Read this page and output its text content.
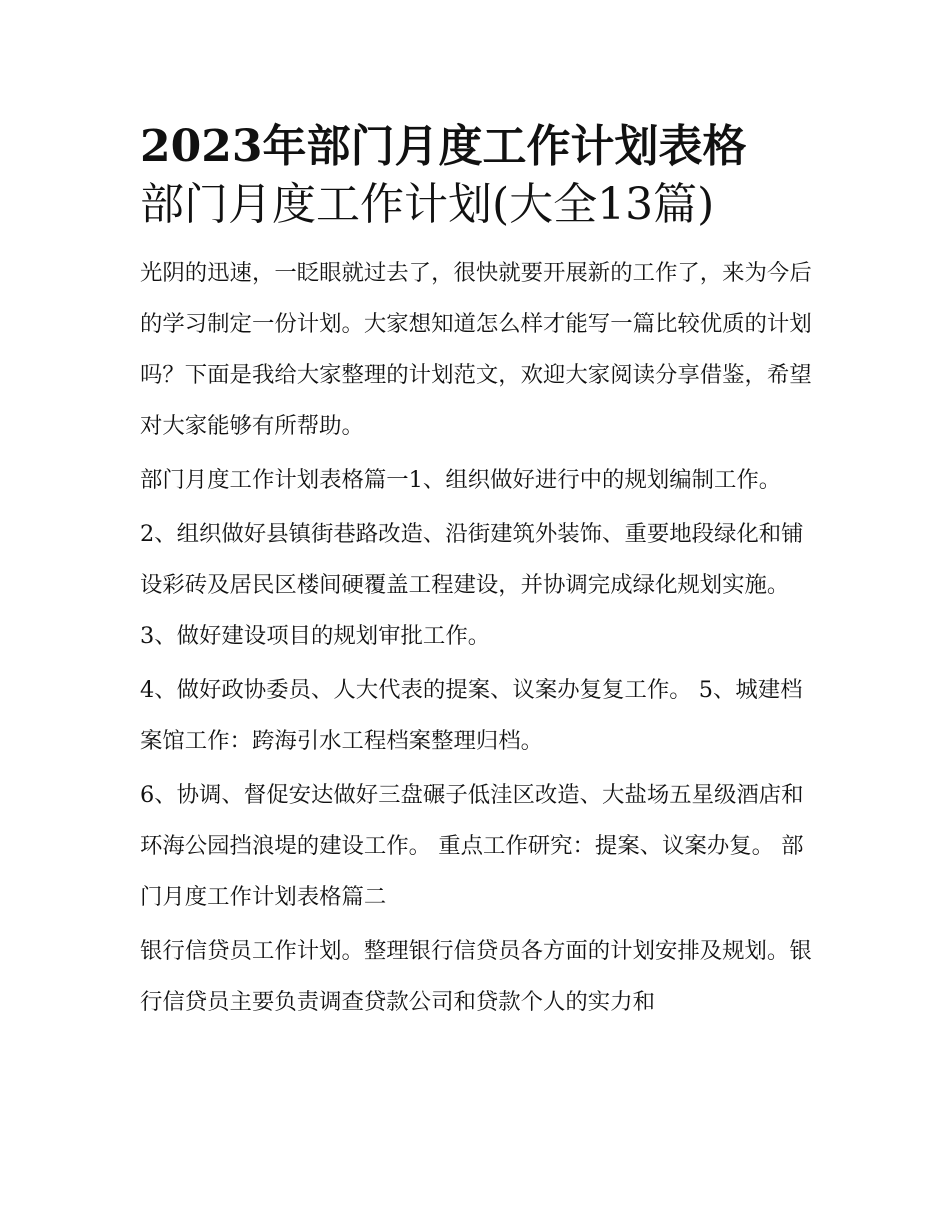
2023年部门月度工作计划表格
部门月度工作计划(大全13篇)

光阴的迅速，一眨眼就过去了，很快就要开展新的工作了，来为今后的学习制定一份计划。大家想知道怎么样才能写一篇比较优质的计划吗？下面是我给大家整理的计划范文，欢迎大家阅读分享借鉴，希望对大家能够有所帮助。

部门月度工作计划表格篇一1、组织做好进行中的规划编制工作。

2、组织做好县镇街巷路改造、沿街建筑外装饰、重要地段绿化和铺设彩砖及居民区楼间硬覆盖工程建设，并协调完成绿化规划实施。 3、做好建设项目的规划审批工作。

4、做好政协委员、人大代表的提案、议案办复复工作。 5、城建档案馆工作：跨海引水工程档案整理归档。

6、协调、督促安达做好三盘碾子低洼区改造、大盐场五星级酒店和环海公园挡浪堤的建设工作。 重点工作研究：提案、议案办复。 部门月度工作计划表格篇二

银行信贷员工作计划。整理银行信贷员各方面的计划安排及规划。银行信贷员主要负责调查贷款公司和贷款个人的实力和
